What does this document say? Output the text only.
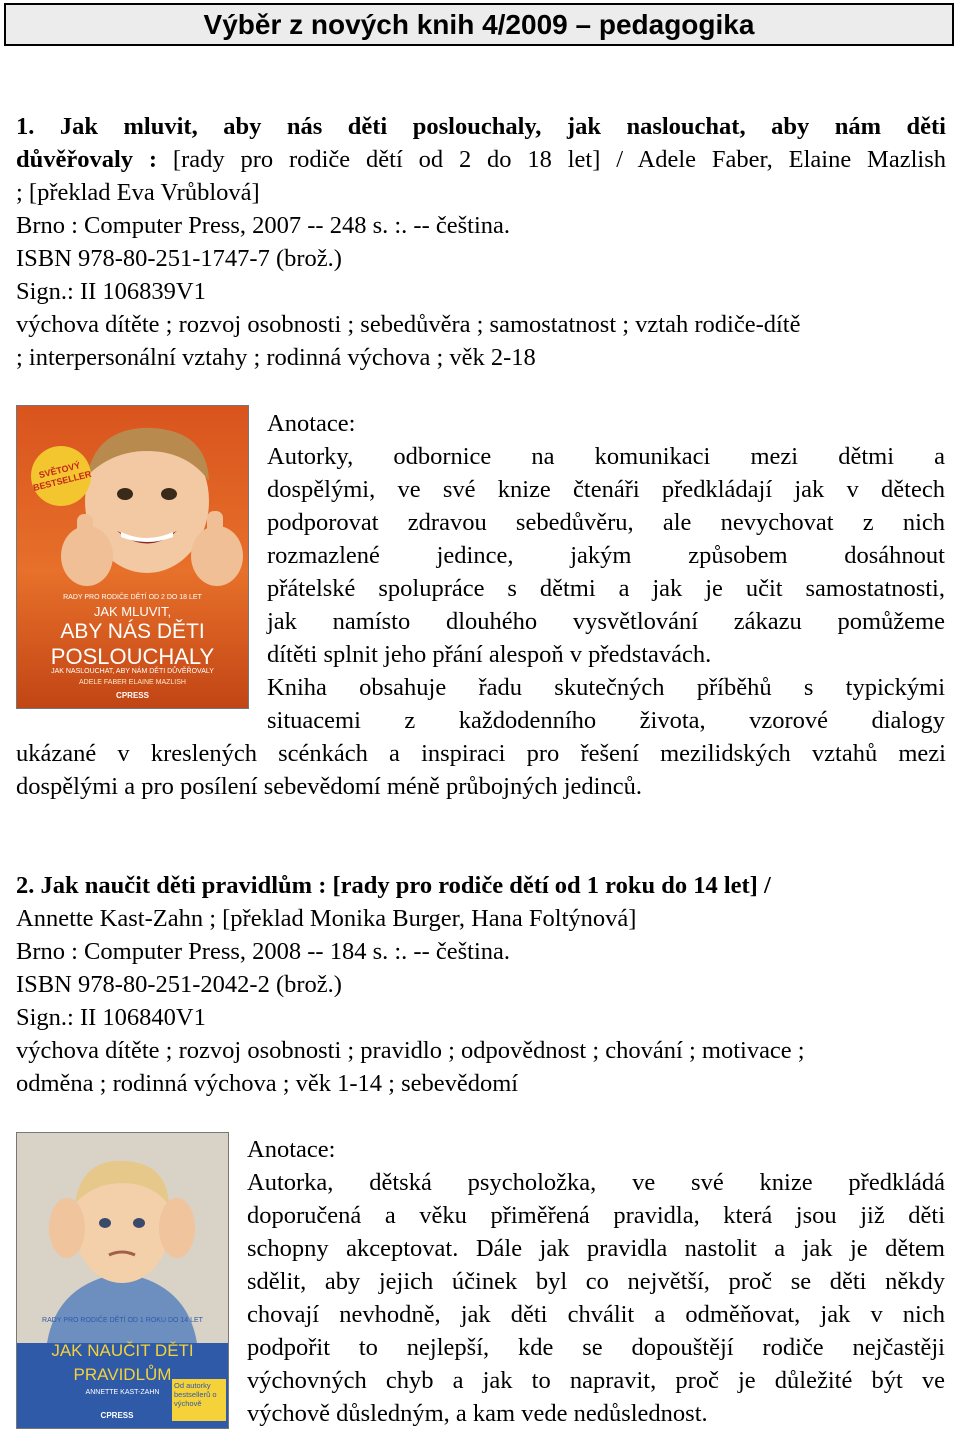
Výběr z nových knih 4/2009 – pedagogika

1. Jak mluvit, aby nás děti poslouchaly, jak naslouchat, aby nám děti

důvěřovaly : [rady pro rodiče dětí od 2 do 18 let] / Adele Faber, Elaine Mazlish

; [překlad Eva Vrůblová]

Brno : Computer Press, 2007 -- 248 s. :. -- čeština.

ISBN 978-80-251-1747-7 (brož.)

Sign.: II 106839V1

výchova dítěte ; rozvoj osobnosti ; sebedůvěra ; samostatnost ; vztah rodiče-dítě

; interpersonální vztahy ; rodinná výchova ; věk 2-18

SVĚTOVÝ BESTSELLER
RADY PRO RODIČE DĚTÍ OD 2 DO 18 LET
JAK MLUVIT,
ABY NÁS DĚTI
POSLOUCHALY
JAK NASLOUCHAT, ABY NÁM DĚTI DŮVĚŘOVALY
ADELE FABER ELAINE MAZLISH
CPRESS

Anotace:

Autorky, odbornice na komunikaci mezi dětmi a

dospělými, ve své knize čtenáři předkládají jak v dětech

podporovat zdravou sebedůvěru, ale nevychovat z nich

rozmazlené jedince, jakým způsobem dosáhnout

přátelské spolupráce s dětmi a jak je učit samostatnosti,

jak namísto dlouhého vysvětlování zákazu pomůžeme

dítěti splnit jeho přání alespoň v představách.

Kniha obsahuje řadu skutečných příběhů s typickými

situacemi z každodenního života, vzorové dialogy

ukázané v kreslených scénkách a inspiraci pro řešení mezilidských vztahů mezi

dospělými a pro posílení sebevědomí méně průbojných jedinců.

2. Jak naučit děti pravidlům : [rady pro rodiče dětí od 1 roku do 14 let] /

Annette Kast-Zahn ; [překlad Monika Burger, Hana Foltýnová]

Brno : Computer Press, 2008 -- 184 s. :. -- čeština.

ISBN 978-80-251-2042-2 (brož.)

Sign.: II 106840V1

výchova dítěte ; rozvoj osobnosti ; pravidlo ; odpovědnost ; chování ; motivace ;

odměna ; rodinná výchova ; věk 1-14 ; sebevědomí

RADY PRO RODIČE DĚTÍ OD 1 ROKU DO 14 LET
JAK NAUČIT DĚTI
PRAVIDLŮM
ANNETTE KAST-ZAHN
Od autorky bestsellerů o výchově
CPRESS

Anotace:

Autorka, dětská psycholožka, ve své knize předkládá

doporučená a věku přiměřená pravidla, která jsou již děti

schopny akceptovat. Dále jak pravidla nastolit a jak je dětem

sdělit, aby jejich účinek byl co největší, proč se děti někdy

chovají nevhodně, jak děti chválit a odměňovat, jak v nich

podpořit to nejlepší, kde se dopouštějí rodiče nejčastěji

výchovných chyb a jak to napravit, proč je důležité být ve

výchově důsledným, a kam vede nedůslednost.
